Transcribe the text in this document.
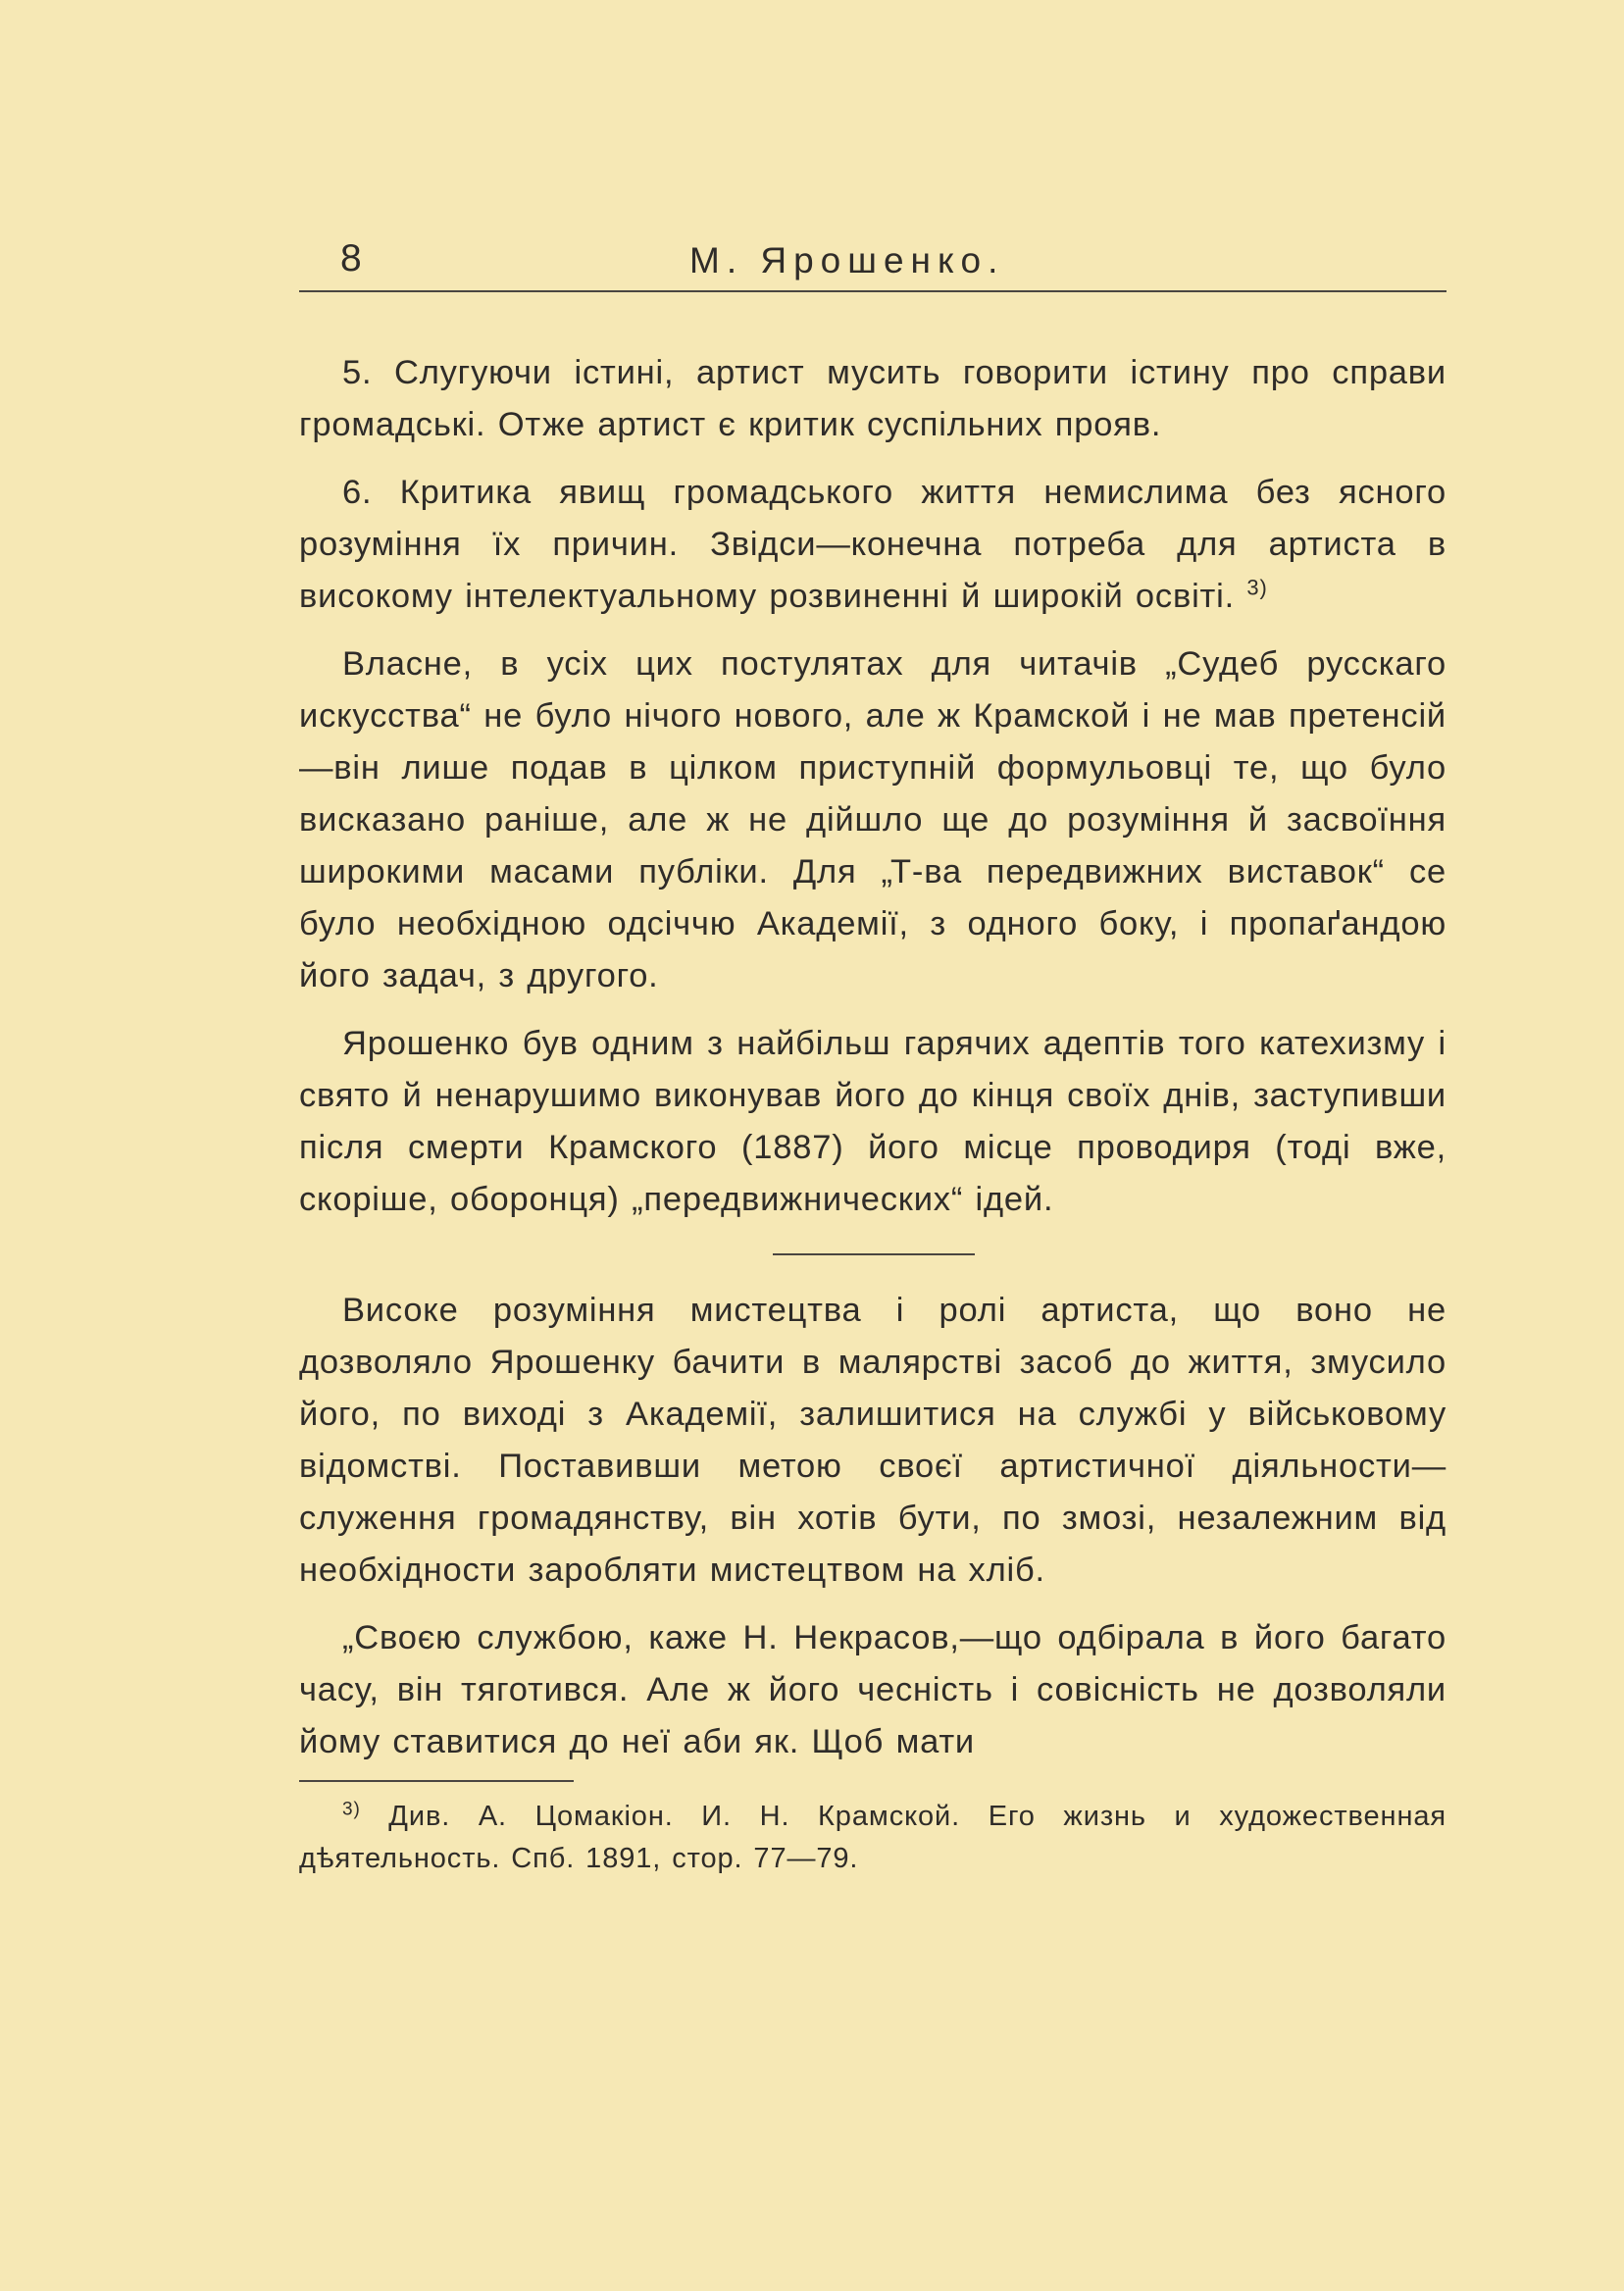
8	М. Ярошенко.

5. Слугуючи істині, артист мусить говорити істину про справи громадські. Отже артист є критик суспільних прояв.

6. Критика явищ громадського життя немислима без ясного розуміння їх причин. Звідси—конечна потреба для артиста в високому інтелектуальному розвиненні й широкій освіті. $^{3)}$

Власне, в усіх цих постулятах для читачів „Судеб русскаго искусства“ не було нічого нового, але ж Крамской і не мав претенсій—він лише подав в цілком приступній формульовці те, що було висказано раніше, але ж не дійшло ще до розуміння й засвоїння широкими масами публіки. Для „Т-ва передвижних виставок“ се було необхідною одсіччю Академії, з одного боку, і пропаґандою його задач, з другого.

Ярошенко був одним з найбільш гарячих адептів того катехизму і свято й ненарушимо виконував його до кінця своїх днів, заступивши після смерти Крамского (1887) його місце проводиря (тоді вже, скоріше, оборонця) „передвижнических“ ідей.

Високе розуміння мистецтва і ролі артиста, що воно не дозволяло Ярошенку бачити в малярстві засоб до життя, змусило його, по виході з Академії, залишитися на службі у військовому відомстві. Поставивши метою своєї артистичної діяльности—служення громадянству, він хотів бути, по змозі, незалежним від необхідности заробляти мистецтвом на хліб.

„Своєю службою, каже Н. Некрасов,—що одбірала в його багато часу, він тяготився. Але ж його чесність і совісність не дозволяли йому ставитися до неї аби як. Щоб мати

$^{3)}$ Див. А. Цомакіон. И. Н. Крамской. Его жизнь и художественная дѣятельность. Спб. 1891, стор. 77—79.
